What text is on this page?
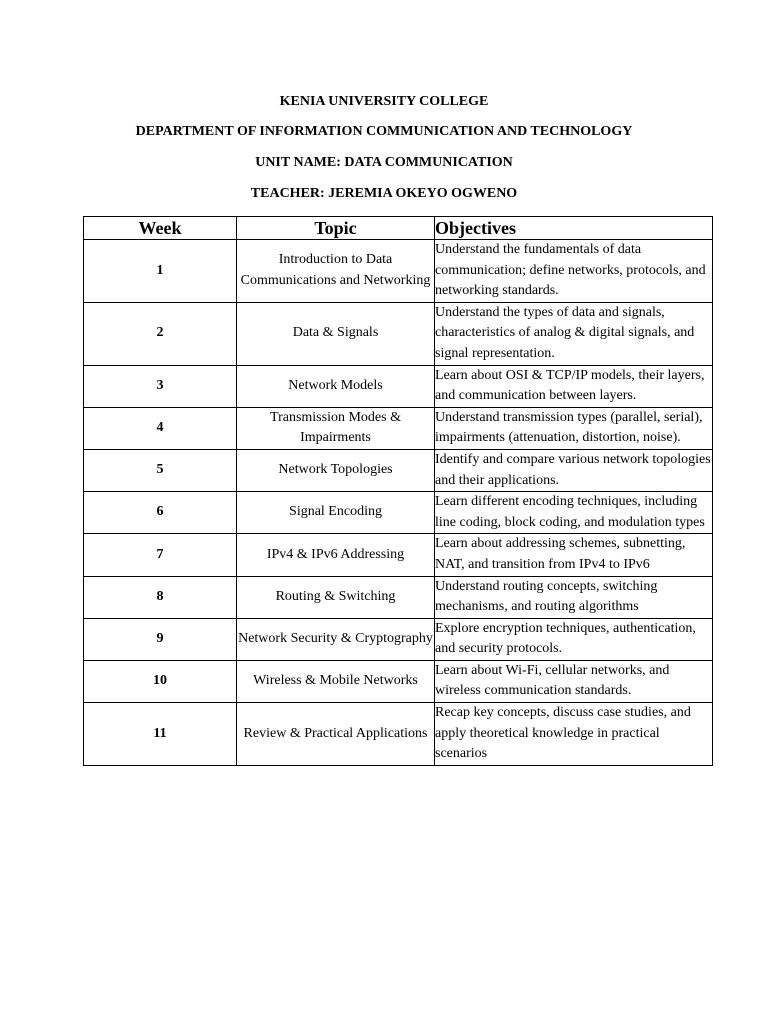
KENIA UNIVERSITY COLLEGE
DEPARTMENT OF INFORMATION COMMUNICATION AND TECHNOLOGY
UNIT NAME: DATA COMMUNICATION
TEACHER: JEREMIA OKEYO OGWENO
Week	Topic	Objectives
1	Introduction to Data Communications and Networking	Understand the fundamentals of data communication; define networks, protocols, and networking standards.
2	Data & Signals	Understand the types of data and signals, characteristics of analog & digital signals, and signal representation.
3	Network Models	Learn about OSI & TCP/IP models, their layers, and communication between layers.
4	Transmission Modes & Impairments	Understand transmission types (parallel, serial), impairments (attenuation, distortion, noise).
5	Network Topologies	Identify and compare various network topologies and their applications.
6	Signal Encoding	Learn different encoding techniques, including line coding, block coding, and modulation types
7	IPv4 & IPv6 Addressing	Learn about addressing schemes, subnetting, NAT, and transition from IPv4 to IPv6
8	Routing & Switching	Understand routing concepts, switching mechanisms, and routing algorithms
9	Network Security & Cryptography	Explore encryption techniques, authentication, and security protocols.
10	Wireless & Mobile Networks	Learn about Wi-Fi, cellular networks, and wireless communication standards.
11	Review & Practical Applications	Recap key concepts, discuss case studies, and apply theoretical knowledge in practical scenarios
